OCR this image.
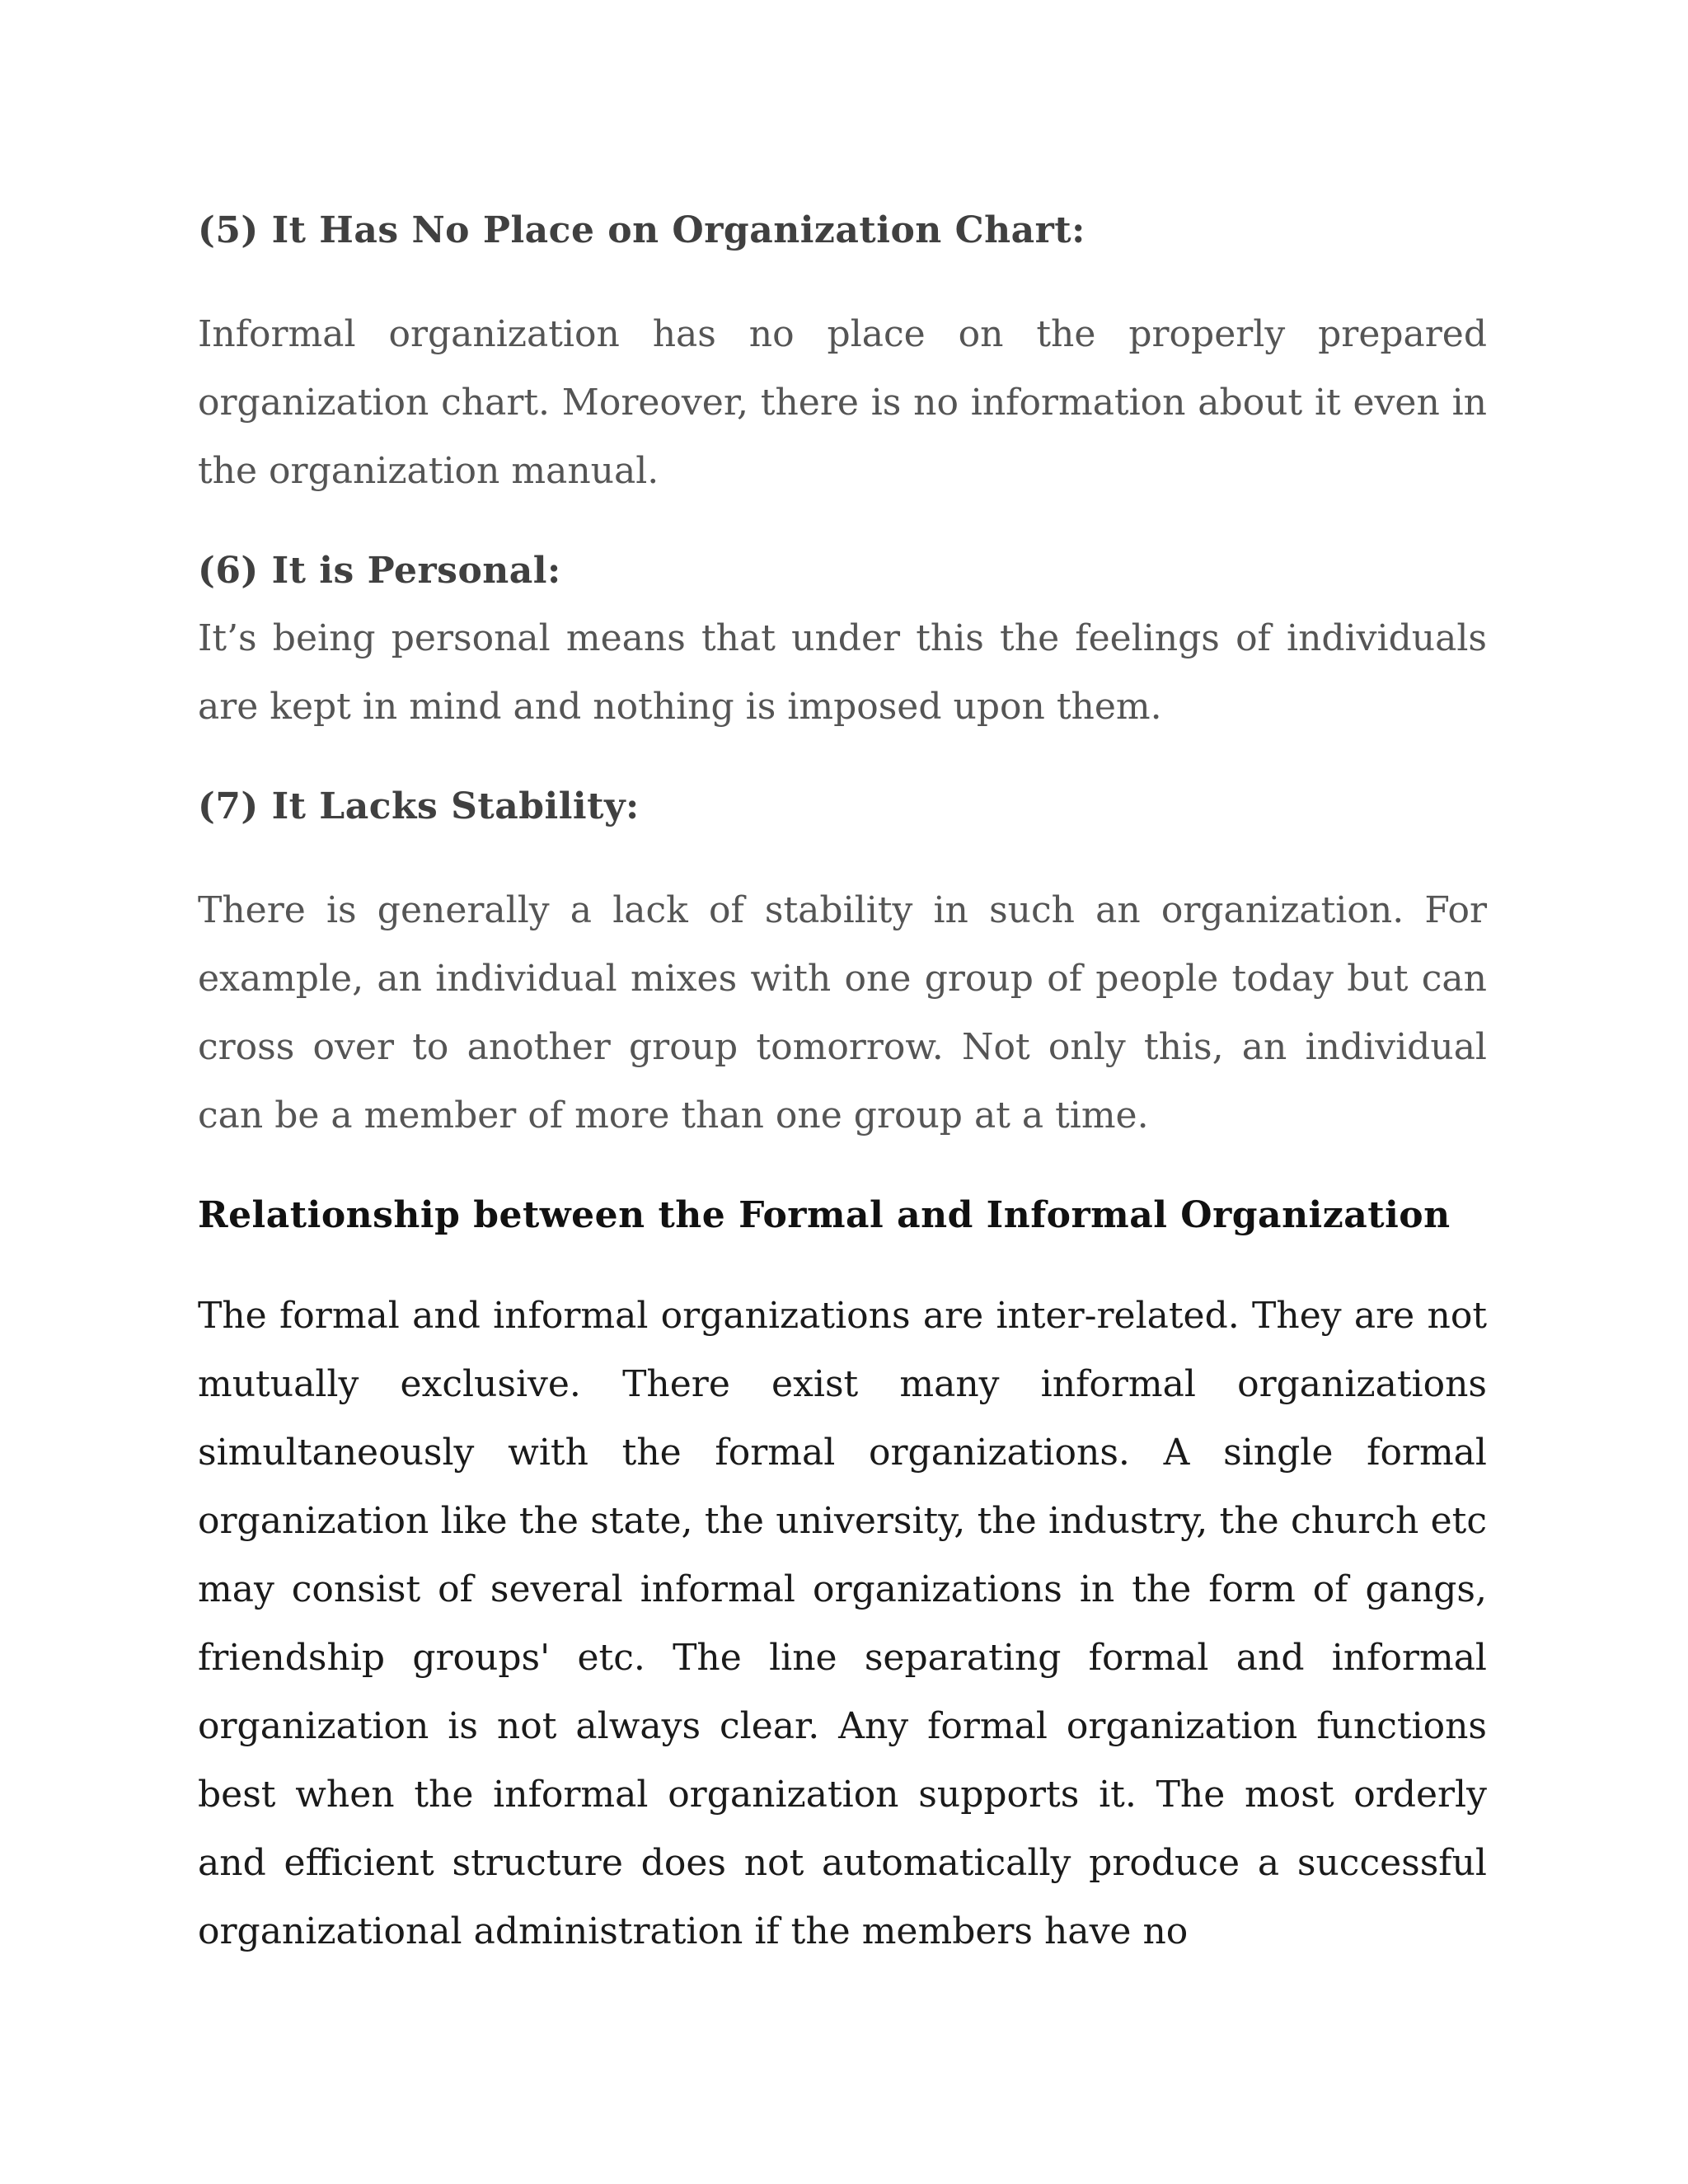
(5) It Has No Place on Organization Chart:

Informal organization has no place on the properly prepared organization chart. Moreover, there is no information about it even in the organization manual.

(6) It is Personal:

It’s being personal means that under this the feelings of individuals are kept in mind and nothing is imposed upon them.

(7) It Lacks Stability:

There is generally a lack of stability in such an organization. For example, an individual mixes with one group of people today but can cross over to another group tomorrow. Not only this, an individual can be a member of more than one group at a time.

Relationship between the Formal and Informal Organization

The formal and informal organizations are inter-related. They are not mutually exclusive. There exist many informal organizations simultaneously with the formal organizations. A single formal organization like the state, the university, the industry, the church etc may consist of several informal organizations in the form of gangs, friendship groups' etc. The line separating formal and informal organization is not always clear. Any formal organization functions best when the informal organization supports it. The most orderly and efficient structure does not automatically produce a successful organizational administration if the members have no
